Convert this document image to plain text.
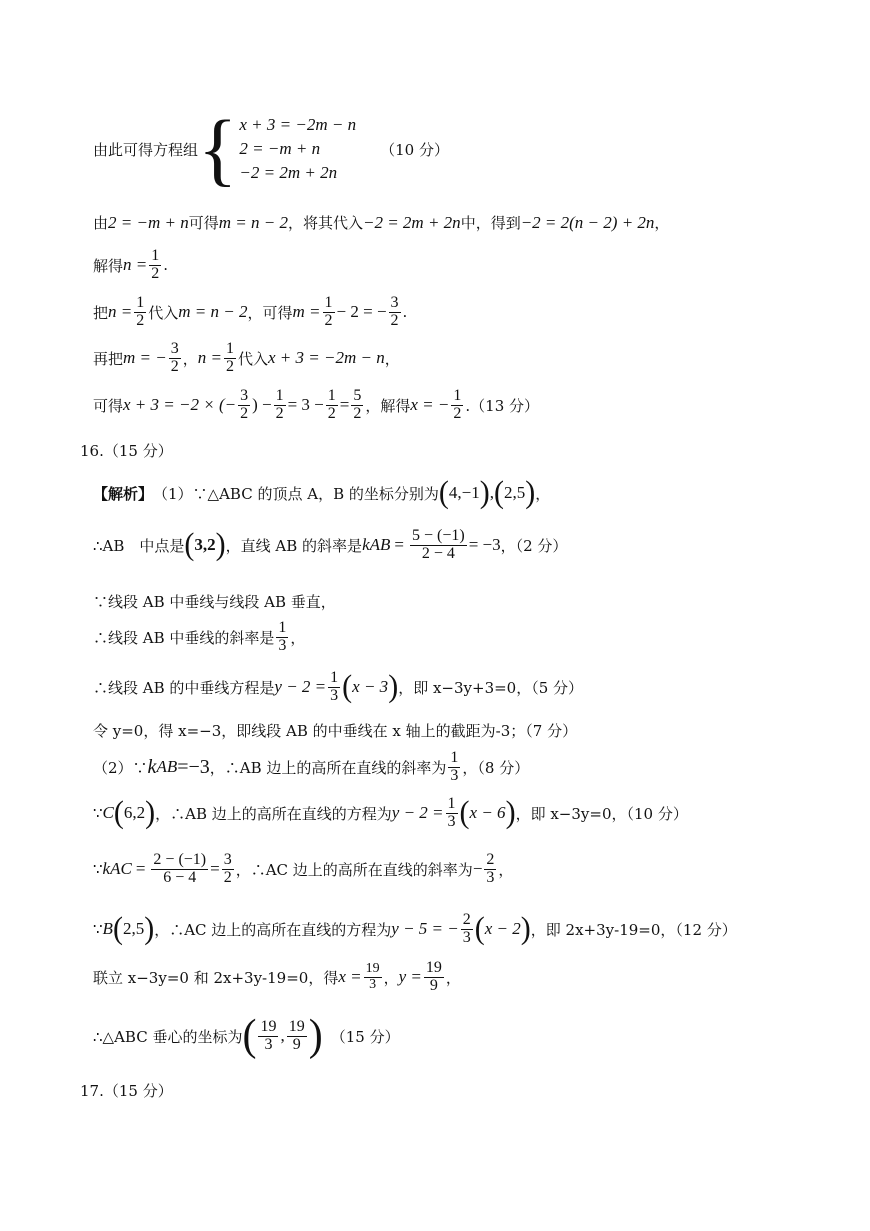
由此可得方程组 { x + 3 = −2m − n
2 = −m + n
−2 = 2m + 2n
（10 分）
由 2 = −m + n 可得 m = n − 2 ，将其代入 −2 = 2m + 2n 中，得到 −2 = 2(n − 2) + 2n ，
解得 $n = \frac{1}{2}$ .
把 $n = \frac{1}{2}$ 代入 m = n − 2 ，可得 $m = \frac{1}{2} - 2$ = − $\frac{3}{2}$ .
再把 m = − $\frac{3}{2}$ ， $n = \frac{1}{2}$ 代入 x + 3 = −2m − n ，
可得 x + 3 = −2 × (− $\frac{3}{2}$ ) − $\frac{1}{2} = 3 - \frac{1}{2} = \frac{5}{2}$ ，解得 x = − $\frac{1}{2} .(13$ 分）
16.（15 分）
【解析】 （1）∵△ABC 的顶点 A，B 的坐标分别为 ( 4,−1 ) , ( 2,5 ) ，
∴AB　中点是 ( 3,2 ) ，直线 AB 的斜率是 k AB = $\frac{5 - (-1)}{2 - 4} = -3$ ，（2 分）
∵线段 AB 中垂线与线段 AB 垂直，
∴线段 AB 中垂线的斜率是 $\frac{1}{3}$ ，
∴线段 AB 的中垂线方程是 $y - 2 = \frac{1}{3}$ ( x − 3 ) ，即 x−3y+3=0，（5 分）
令 y=0，得 x=−3，即线段 AB 的中垂线在 x 轴上的截距为-3；（7 分）
（2）∵ k AB =−3 ，∴AB 边上的高所在直线的斜率为 $\frac{1}{3}$ ，（8 分）
∵ C ( 6,2 ) ，∴AB 边上的高所在直线的方程为 $y - 2 = \frac{1}{3}$ ( x − 6 ) ，即 x−3y=0，（10 分）
∵ k AC = $\frac{2 - (-1)}{6 - 4} = \frac{3}{2}$ ，∴AC 边上的高所在直线的斜率为 − $\frac{2}{3}$ ，
∵ B ( 2,5 ) ，∴AC 边上的高所在直线的方程为 y − 5 = − $\frac{2}{3}$ ( x − 2 ) ，即 2x+3y-19=0，（12 分）
联立 x−3y=0 和 2x+3y-19=0，得 $x = \frac{19}{3}$ ， $y = \frac{19}{9}$ ，
∴△ABC 垂心的坐标为 ( $\frac{19}{3}$ , $\frac{19}{9}$ ) （15 分）
17.（15 分）
